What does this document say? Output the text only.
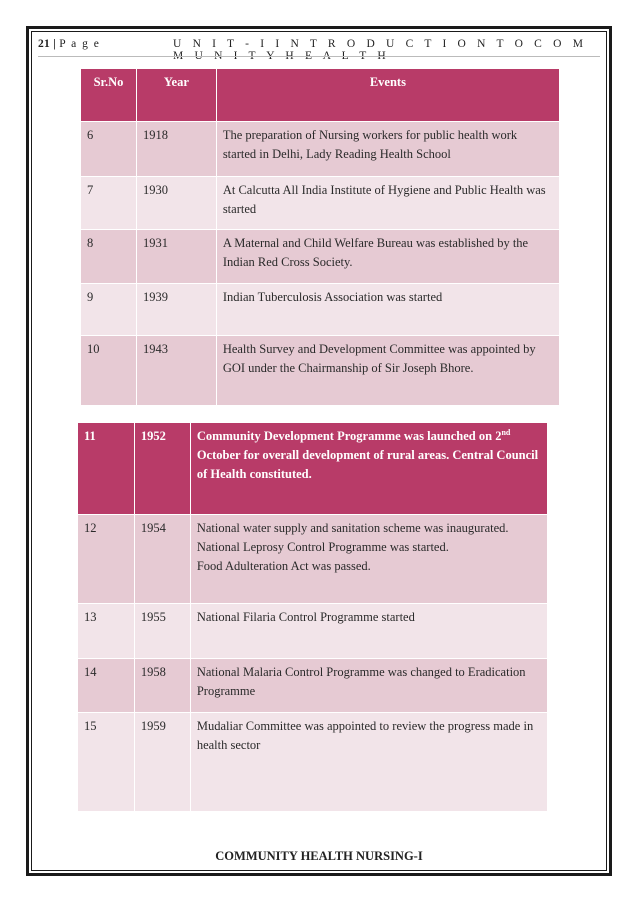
21 | P a g e	U N I T - I I N T R O D U C T I O N T O C O M M U N I T Y H E A L T H
Sr.No	Year	Events
6	1918	The preparation of Nursing workers for public health work started in Delhi, Lady Reading Health School
7	1930	At Calcutta All India Institute of Hygiene and Public Health was started
8	1931	A Maternal and Child Welfare Bureau was established by the Indian Red Cross Society.
9	1939	Indian Tuberculosis Association was started
10	1943	Health Survey and Development Committee was appointed by GOI under the Chairmanship of Sir Joseph Bhore.
11	1952	Community Development Programme was launched on 2nd October for overall development of rural areas. Central Council of Health constituted.
12	1954	National water supply and sanitation scheme was inaugurated.
National Leprosy Control Programme was started.
Food Adulteration Act was passed.

13	1955	National Filaria Control Programme started

14	1958	National Malaria Control Programme was changed to Eradication Programme

15	1959	Mudaliar Committee was appointed to review the progress made in health sector
COMMUNITY HEALTH NURSING-I
